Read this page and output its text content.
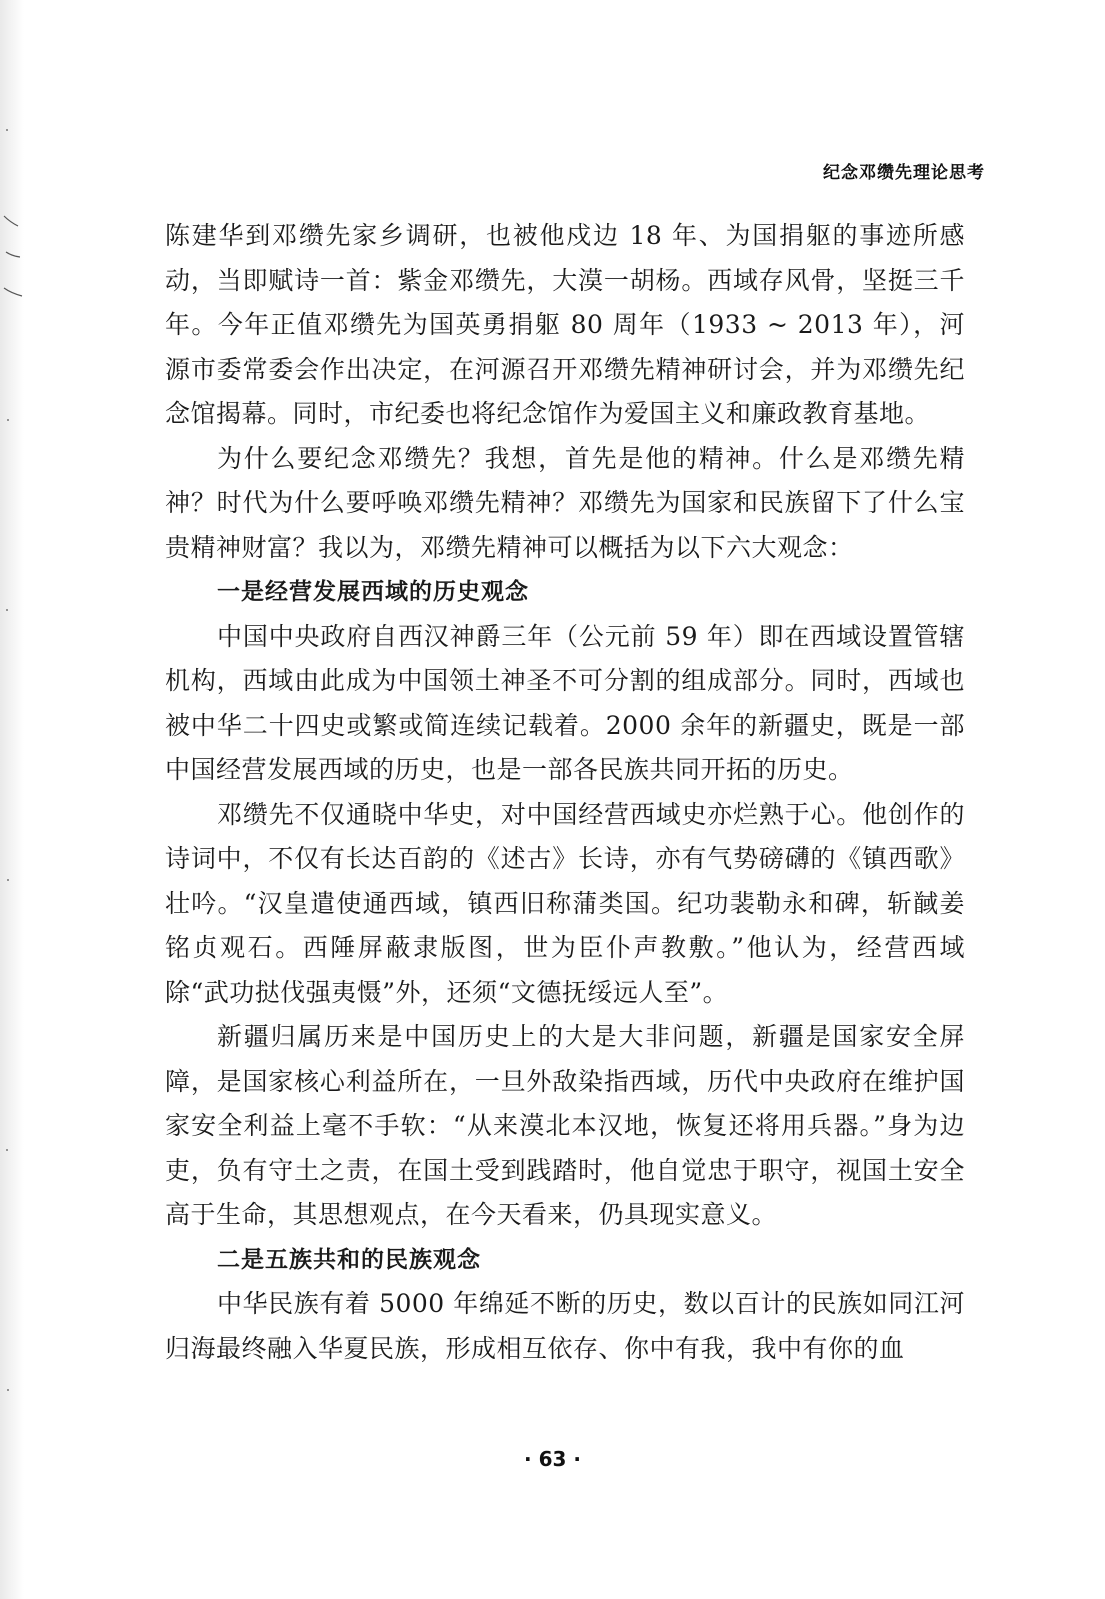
纪念邓缵先理论思考

陈建华到邓缵先家乡调研，也被他戍边 18 年、为国捐躯的事迹所感动，当即赋诗一首：紫金邓缵先，大漠一胡杨。西域存风骨，坚挺三千年。今年正值邓缵先为国英勇捐躯 80 周年（1933 ~ 2013 年），河源市委常委会作出决定，在河源召开邓缵先精神研讨会，并为邓缵先纪念馆揭幕。同时，市纪委也将纪念馆作为爱国主义和廉政教育基地。

为什么要纪念邓缵先？我想，首先是他的精神。什么是邓缵先精神？时代为什么要呼唤邓缵先精神？邓缵先为国家和民族留下了什么宝贵精神财富？我以为，邓缵先精神可以概括为以下六大观念：

一是经营发展西域的历史观念

中国中央政府自西汉神爵三年（公元前 59 年）即在西域设置管辖机构，西域由此成为中国领土神圣不可分割的组成部分。同时，西域也被中华二十四史或繁或简连续记载着。2000 余年的新疆史，既是一部中国经营发展西域的历史，也是一部各民族共同开拓的历史。

邓缵先不仅通晓中华史，对中国经营西域史亦烂熟于心。他创作的诗词中，不仅有长达百韵的《述古》长诗，亦有气势磅礴的《镇西歌》壮吟。“汉皇遣使通西域，镇西旧称蒲类国。纪功裴勒永和碑，斩馘姜铭贞观石。西陲屏蔽隶版图，世为臣仆声教敷。”他认为，经营西域除“武功挞伐强夷慑”外，还须“文德抚绥远人至”。

新疆归属历来是中国历史上的大是大非问题，新疆是国家安全屏障，是国家核心利益所在，一旦外敌染指西域，历代中央政府在维护国家安全利益上毫不手软：“从来漠北本汉地，恢复还将用兵器。”身为边吏，负有守土之责，在国土受到践踏时，他自觉忠于职守，视国土安全高于生命，其思想观点，在今天看来，仍具现实意义。

二是五族共和的民族观念

中华民族有着 5000 年绵延不断的历史，数以百计的民族如同江河归海最终融入华夏民族，形成相互依存、你中有我，我中有你的血

· 63 ·
